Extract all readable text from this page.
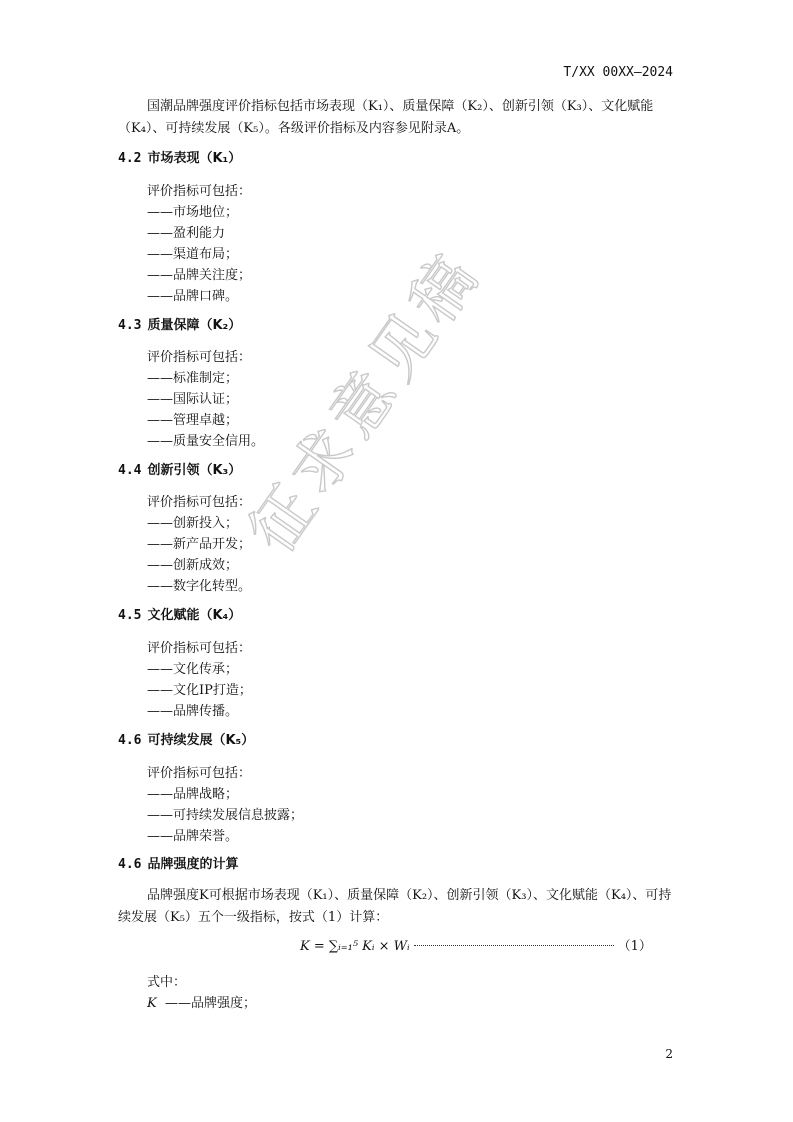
T/XX 00XX—2024
国潮品牌强度评价指标包括市场表现（K₁）、质量保障（K₂）、创新引领（K₃）、文化赋能（K₄）、可持续发展（K₅）。各级评价指标及内容参见附录A。
4.2 市场表现（K₁）
评价指标可包括：
——市场地位；
——盈利能力
——渠道布局；
——品牌关注度；
——品牌口碑。
4.3 质量保障（K₂）
评价指标可包括：
——标准制定；
——国际认证；
——管理卓越；
——质量安全信用。
4.4 创新引领（K₃）
评价指标可包括：
——创新投入；
——新产品开发；
——创新成效；
——数字化转型。
4.5 文化赋能（K₄）
评价指标可包括：
——文化传承；
——文化IP打造；
——品牌传播。
4.6 可持续发展（K₅）
评价指标可包括：
——品牌战略；
——可持续发展信息披露；
——品牌荣誉。
4.6 品牌强度的计算
品牌强度K可根据市场表现（K₁）、质量保障（K₂）、创新引领（K₃）、文化赋能（K₄）、可持续发展（K₅）五个一级指标，按式（1）计算：
K = ∑ᵢ₌₁⁵ Kᵢ × Wᵢ	（1）
式中：
K ——品牌强度；
征求意见稿
2
